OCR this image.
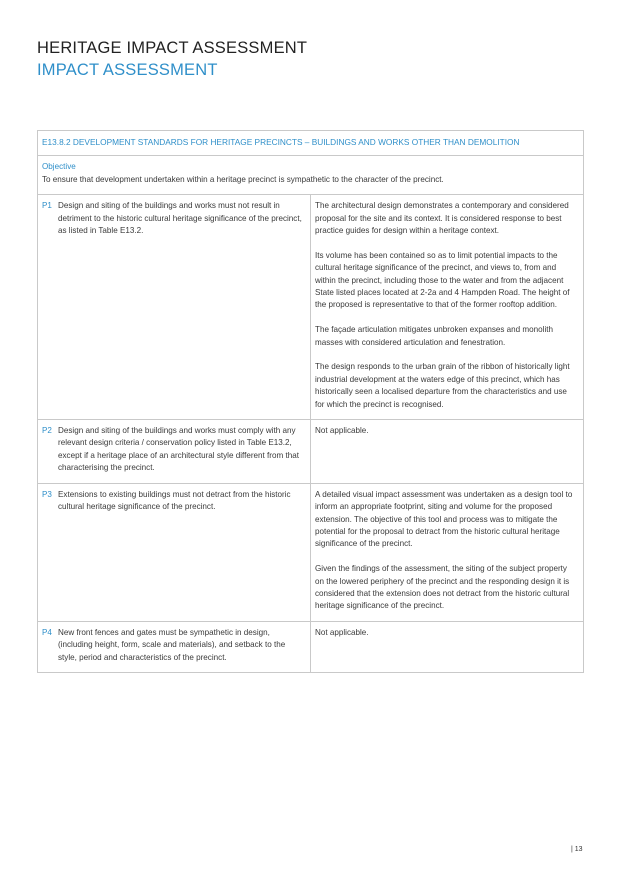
HERITAGE IMPACT ASSESSMENT
IMPACT ASSESSMENT
E13.8.2 DEVELOPMENT STANDARDS FOR HERITAGE PRECINCTS – BUILDINGS AND WORKS OTHER THAN DEMOLITION
Objective
To ensure that development undertaken within a heritage precinct is sympathetic to the character of the precinct.
P1 Design and siting of the buildings and works must not result in detriment to the historic cultural heritage significance of the precinct, as listed in Table E13.2.

The architectural design demonstrates a contemporary and considered proposal for the site and its context. It is considered response to best practice guides for design within a heritage context.

Its volume has been contained so as to limit potential impacts to the cultural heritage significance of the precinct, and views to, from and within the precinct, including those to the water and from the adjacent State listed places located at 2-2a and 4 Hampden Road. The height of the proposed is representative to that of the former rooftop addition.

The façade articulation mitigates unbroken expanses and monolith masses with considered articulation and fenestration.

The design responds to the urban grain of the ribbon of historically light industrial development at the waters edge of this precinct, which has historically seen a localised departure from the characteristics and use for which the precinct is recognised.

P2 Design and siting of the buildings and works must comply with any relevant design criteria / conservation policy listed in Table E13.2, except if a heritage place of an architectural style different from that characterising the precinct.

Not applicable.

P3 Extensions to existing buildings must not detract from the historic cultural heritage significance of the precinct.

A detailed visual impact assessment was undertaken as a design tool to inform an appropriate footprint, siting and volume for the proposed extension. The objective of this tool and process was to mitigate the potential for the proposal to detract from the historic cultural heritage significance of the precinct.

Given the findings of the assessment, the siting of the subject property on the lowered periphery of the precinct and the responding design it is considered that the extension does not detract from the historic cultural heritage significance of the precinct.

P4 New front fences and gates must be sympathetic in design, (including height, form, scale and materials), and setback to the style, period and characteristics of the precinct.

Not applicable.

| 13
